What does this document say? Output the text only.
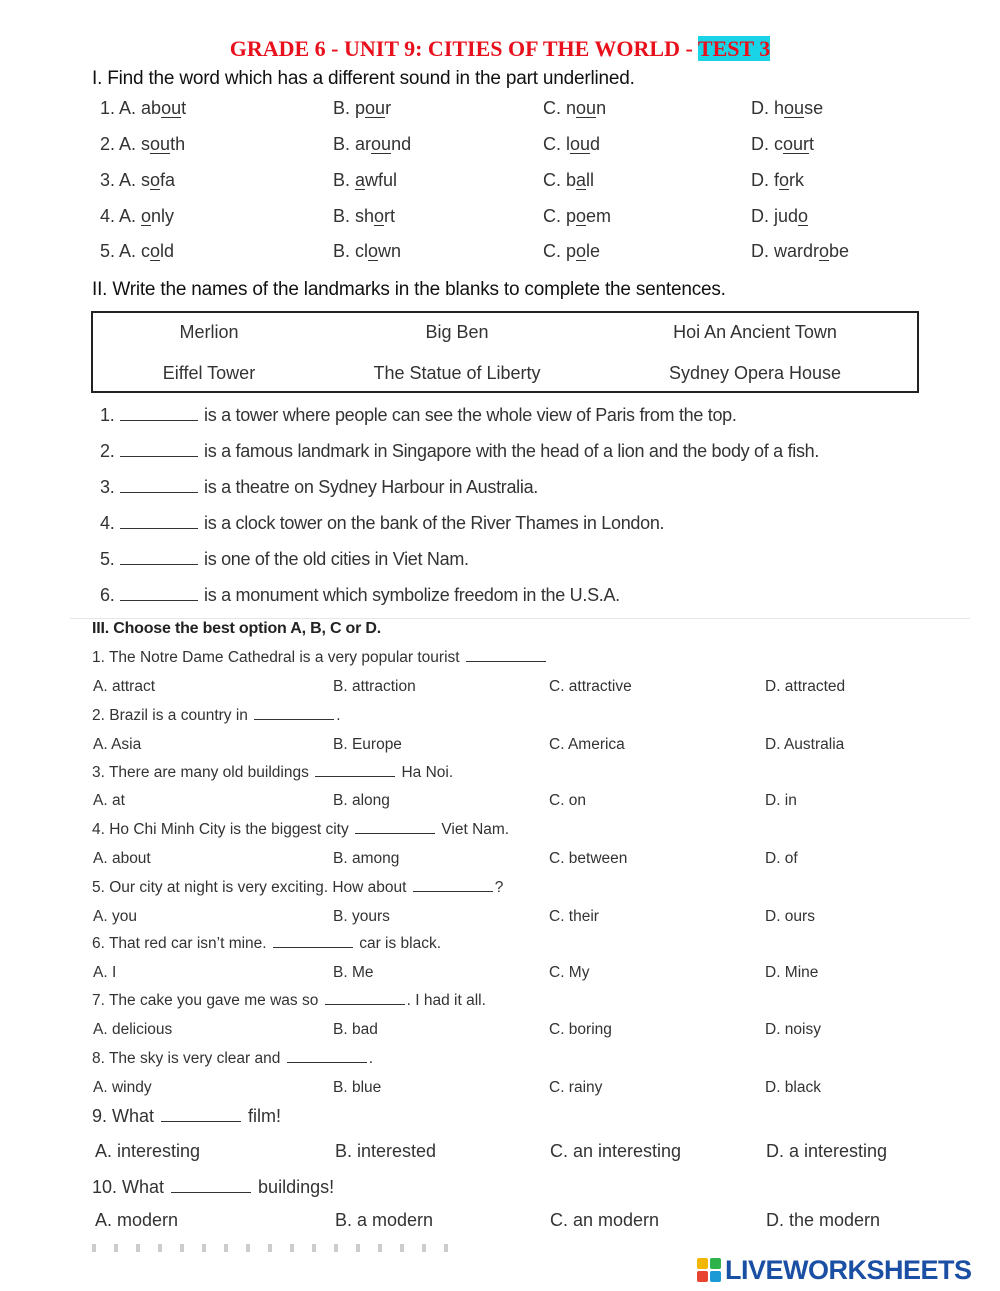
GRADE 6 - UNIT 9: CITIES OF THE WORLD - TEST 3
I. Find the word which has a different sound in the part underlined.
1. A. about	B. pour	C. noun	D. house
2. A. south	B. around	C. loud	D. court
3. A. sofa	B. awful	C. ball	D. fork
4. A. only	B. short	C. poem	D. judo
5. A. cold	B. clown	C. pole	D. wardrobe
II. Write the names of the landmarks in the blanks to complete the sentences.
Merlion	Big Ben	Hoi An Ancient Town
Eiffel Tower	The Statue of Liberty	Sydney Opera House
1.	is a tower where people can see the whole view of Paris from the top.
2.	is a famous landmark in Singapore with the head of a lion and the body of a fish.
3.	is a theatre on Sydney Harbour in Australia.
4.	is a clock tower on the bank of the River Thames in London.
5.	is one of the old cities in Viet Nam.
6.	is a monument which symbolize freedom in the U.S.A.
III. Choose the best option A, B, C or D.
1. The Notre Dame Cathedral is a very popular tourist
A. attract	B. attraction	C. attractive	D. attracted
2. Brazil is a country in	.
A. Asia	B. Europe	C. America	D. Australia
3. There are many old buildings	Ha Noi.
A. at	B. along	C. on	D. in
4. Ho Chi Minh City is the biggest city	Viet Nam.
A. about	B. among	C. between	D. of
5. Our city at night is very exciting. How about	?
A. you	B. yours	C. their	D. ours
6. That red car isn’t mine.	car is black.
A. I	B. Me	C. My	D. Mine
7. The cake you gave me was so	. I had it all.
A. delicious	B. bad	C. boring	D. noisy
8. The sky is very clear and	.
A. windy	B. blue	C. rainy	D. black
9. What	film!
A. interesting	B. interested	C. an interesting	D. a interesting
10. What	buildings!
A. modern	B. a modern	C. an modern	D. the modern
LIVEWORKSHEETS
